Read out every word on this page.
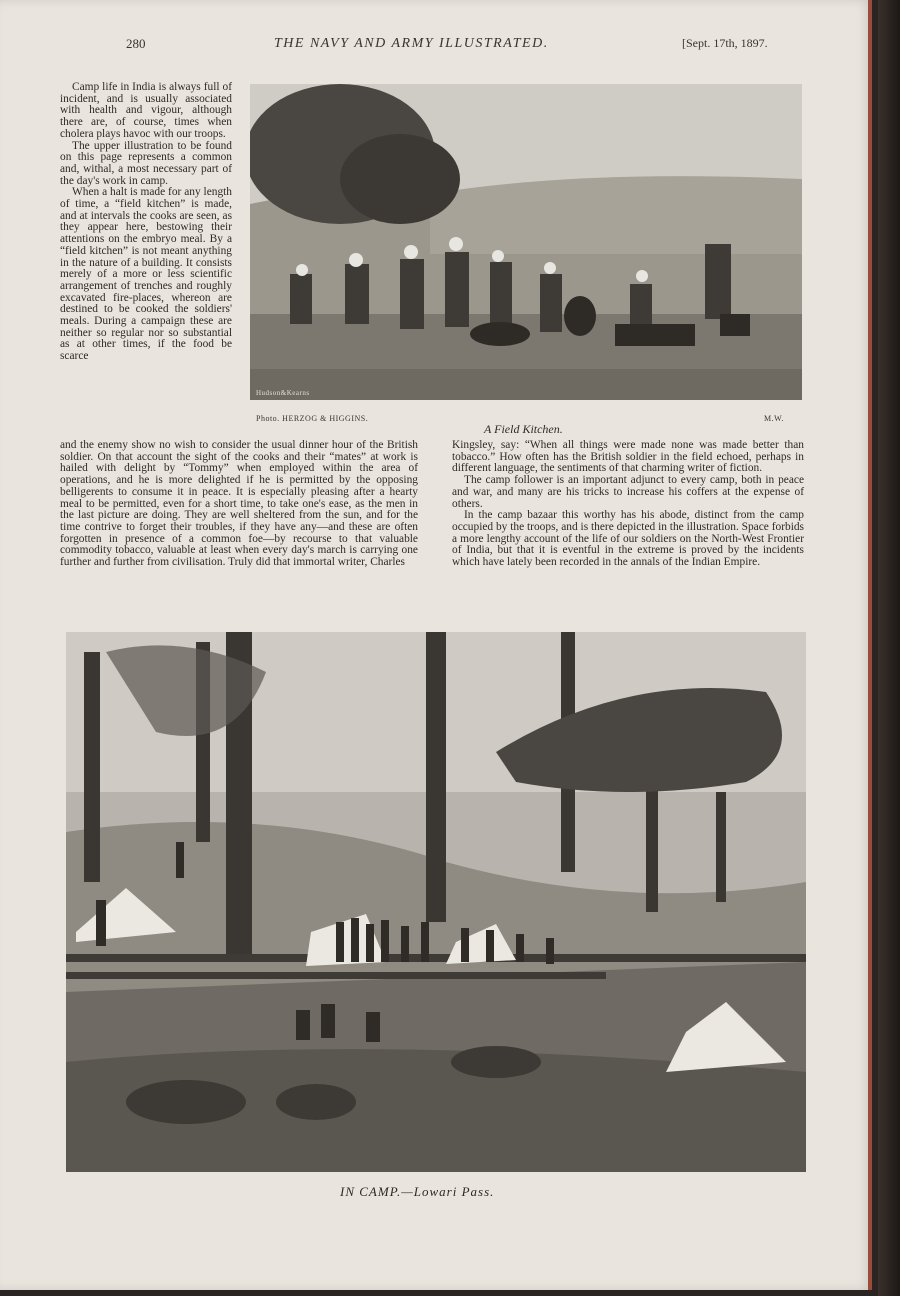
280	THE NAVY AND ARMY ILLUSTRATED.	[Sept. 17th, 1897.

Camp life in India is always full of incident, and is usually associated with health and vigour, although there are, of course, times when cholera plays havoc with our troops.

The upper illustration to be found on this page represents a common and, withal, a most necessary part of the day's work in camp.

When a halt is made for any length of time, a “field kitchen” is made, and at intervals the cooks are seen, as they appear here, bestowing their attentions on the embryo meal. By a “field kitchen” is not meant anything in the nature of a building. It consists merely of a more or less scientific arrangement of trenches and roughly excavated fire-places, whereon are destined to be cooked the soldiers' meals. During a campaign these are neither so regular nor so substantial as at other times, if the food be scarce

Hudson&Kearns
Photo. HERZOG & HIGGINS.	M.W.
A Field Kitchen.

and the enemy show no wish to consider the usual dinner hour of the British soldier. On that account the sight of the cooks and their “mates” at work is hailed with delight by “Tommy” when employed within the area of operations, and he is more delighted if he is permitted by the opposing belligerents to consume it in peace. It is especially pleasing after a hearty meal to be permitted, even for a short time, to take one's ease, as the men in the last picture are doing. They are well sheltered from the sun, and for the time contrive to forget their troubles, if they have any—and these are often forgotten in presence of a common foe—by recourse to that valuable commodity tobacco, valuable at least when every day's march is carrying one further and further from civilisation. Truly did that immortal writer, Charles

Kingsley, say: “When all things were made none was made better than tobacco.” How often has the British soldier in the field echoed, perhaps in different language, the sentiments of that charming writer of fiction.

The camp follower is an important adjunct to every camp, both in peace and war, and many are his tricks to increase his coffers at the expense of others.

In the camp bazaar this worthy has his abode, distinct from the camp occupied by the troops, and is there depicted in the illustration. Space forbids a more lengthy account of the life of our soldiers on the North-West Frontier of India, but that it is eventful in the extreme is proved by the incidents which have lately been recorded in the annals of the Indian Empire.

IN CAMP.—Lowari Pass.
